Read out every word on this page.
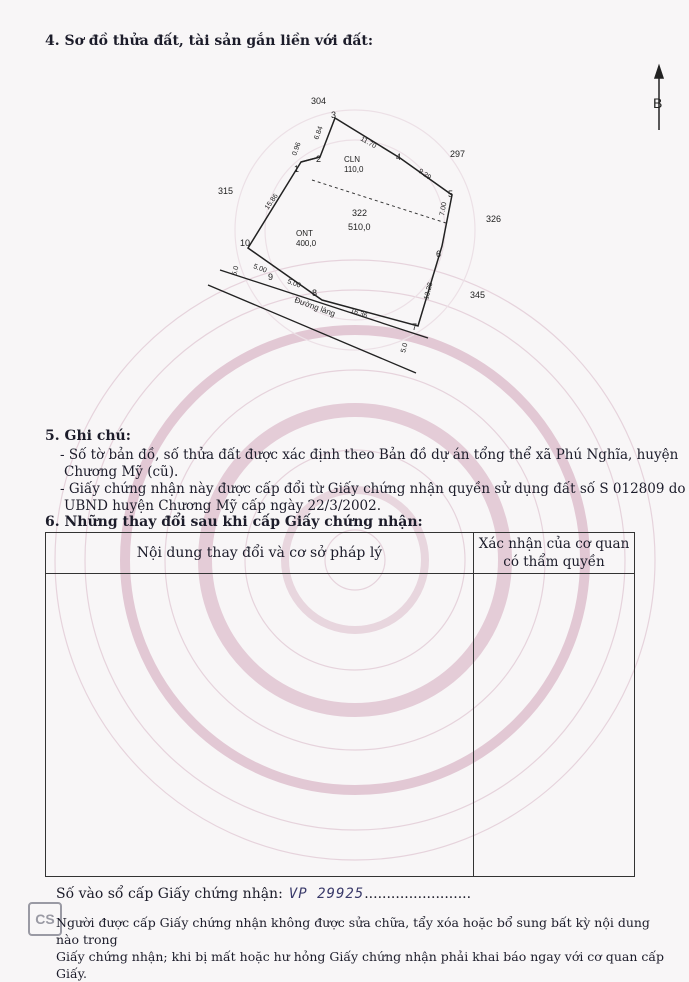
4. Sơ đồ thửa đất, tài sản gắn liền với đất:
B
304
297
315
326
345
322
510,0
CLN
110,0
ONT
400,0
Đường làng
1
2
3
4
5
6
7
8
9
10
0.96
6.84
11.70
9.29
7.00
13.28
16.36
5.00
5.00
15.86
5.0
5.0
5. Ghi chú:
- Số tờ bản đồ, số thửa đất được xác định theo Bản đồ dự án tổng thể xã Phú Nghĩa, huyện
Chương Mỹ (cũ).
- Giấy chứng nhận này được cấp đổi từ Giấy chứng nhận quyền sử dụng đất số S 012809 do
UBND huyện Chương Mỹ cấp ngày 22/3/2002.
6. Những thay đổi sau khi cấp Giấy chứng nhận:
Nội dung thay đổi và cơ sở pháp lý
Xác nhận của cơ quan
có thẩm quyền
Số vào sổ cấp Giấy chứng nhận: VP 29925........................
CS Người được cấp Giấy chứng nhận không được sửa chữa, tẩy xóa hoặc bổ sung bất kỳ nội dung nào trong
Giấy chứng nhận; khi bị mất hoặc hư hỏng Giấy chứng nhận phải khai báo ngay với cơ quan cấp Giấy.
